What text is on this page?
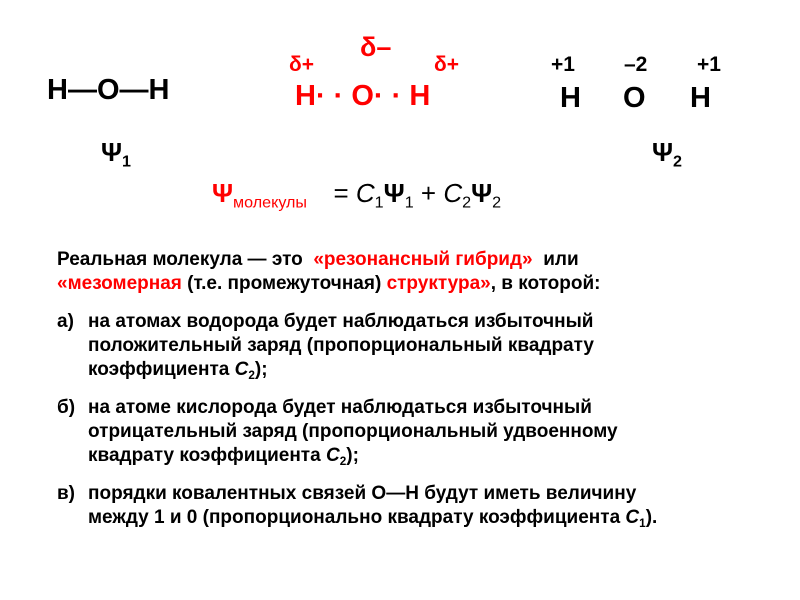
H—O—H
$\Psi_1$
δ–
δ+	δ+
H· · O· · H
+1 –2 +1
H O H
$\Psi_2$
$\Psi_{молекулы} = C_1\Psi_1 + C_2\Psi_2$
Реальная молекула — это «резонансный гибрид» или
«мезомерная (т.е. промежуточная) структура», в которой:
а) на атомах водорода будет наблюдаться избыточный
положительный заряд (пропорциональный квадрату
коэффициента $C_2$);
б) на атоме кислорода будет наблюдаться избыточный
отрицательный заряд (пропорциональный удвоенному
квадрату коэффициента $C_2$);
в) порядки ковалентных связей O—H будут иметь величину
между 1 и 0 (пропорционально квадрату коэффициента $C_1$).
